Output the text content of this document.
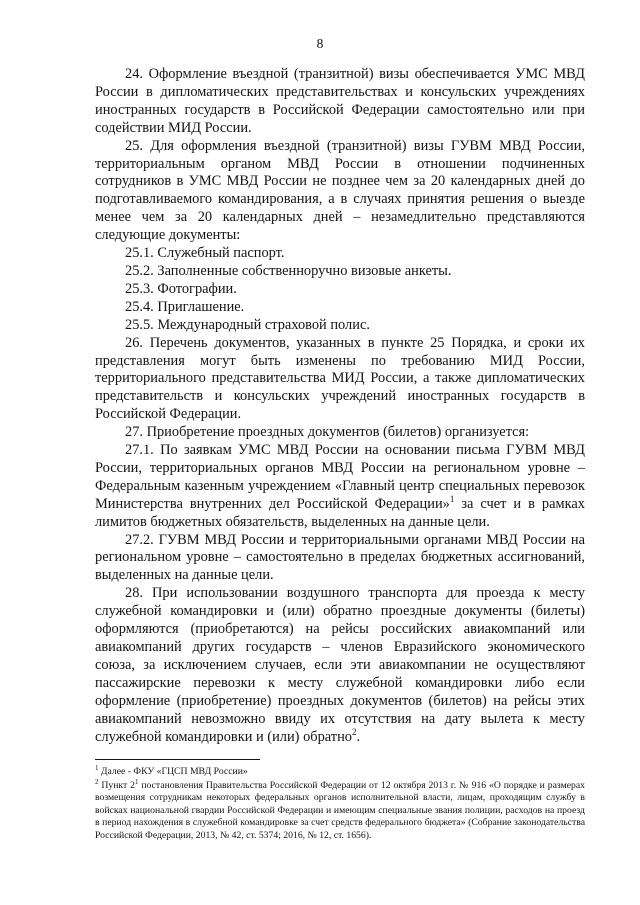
8

24. Оформление въездной (транзитной) визы обеспечивается УМС МВД России в дипломатических представительствах и консульских учреждениях иностранных государств в Российской Федерации самостоятельно или при содействии МИД России.

25. Для оформления въездной (транзитной) визы ГУВМ МВД России, территориальным органом МВД России в отношении подчиненных сотрудников в УМС МВД России не позднее чем за 20 календарных дней до подготавливаемого командирования, а в случаях принятия решения о выезде менее чем за 20 календарных дней – незамедлительно представляются следующие документы:

25.1. Служебный паспорт.

25.2. Заполненные собственноручно визовые анкеты.

25.3. Фотографии.

25.4. Приглашение.

25.5. Международный страховой полис.

26. Перечень документов, указанных в пункте 25 Порядка, и сроки их представления могут быть изменены по требованию МИД России, территориального представительства МИД России, а также дипломатических представительств и консульских учреждений иностранных государств в Российской Федерации.

27. Приобретение проездных документов (билетов) организуется:

27.1. По заявкам УМС МВД России на основании письма ГУВМ МВД России, территориальных органов МВД России на региональном уровне – Федеральным казенным учреждением «Главный центр специальных перевозок Министерства внутренних дел Российской Федерации»$^1$ за счет и в рамках лимитов бюджетных обязательств, выделенных на данные цели.

27.2. ГУВМ МВД России и территориальными органами МВД России на региональном уровне – самостоятельно в пределах бюджетных ассигнований, выделенных на данные цели.

28. При использовании воздушного транспорта для проезда к месту служебной командировки и (или) обратно проездные документы (билеты) оформляются (приобретаются) на рейсы российских авиакомпаний или авиакомпаний других государств – членов Евразийского экономического союза, за исключением случаев, если эти авиакомпании не осуществляют пассажирские перевозки к месту служебной командировки либо если оформление (приобретение) проездных документов (билетов) на рейсы этих авиакомпаний невозможно ввиду их отсутствия на дату вылета к месту служебной командировки и (или) обратно$^2$.

$^1$ Далее - ФКУ «ГЦСП МВД России»

$^2$ Пункт 2$^1$ постановления Правительства Российской Федерации от 12 октября 2013 г. № 916 «О порядке и размерах возмещения сотрудникам некоторых федеральных органов исполнительной власти, лицам, проходящим службу в войсках национальной гвардии Российской Федерации и имеющим специальные звания полиции, расходов на проезд в период нахождения в служебной командировке за счет средств федерального бюджета» (Собрание законодательства Российской Федерации, 2013, № 42, ст. 5374; 2016, № 12, ст. 1656).
